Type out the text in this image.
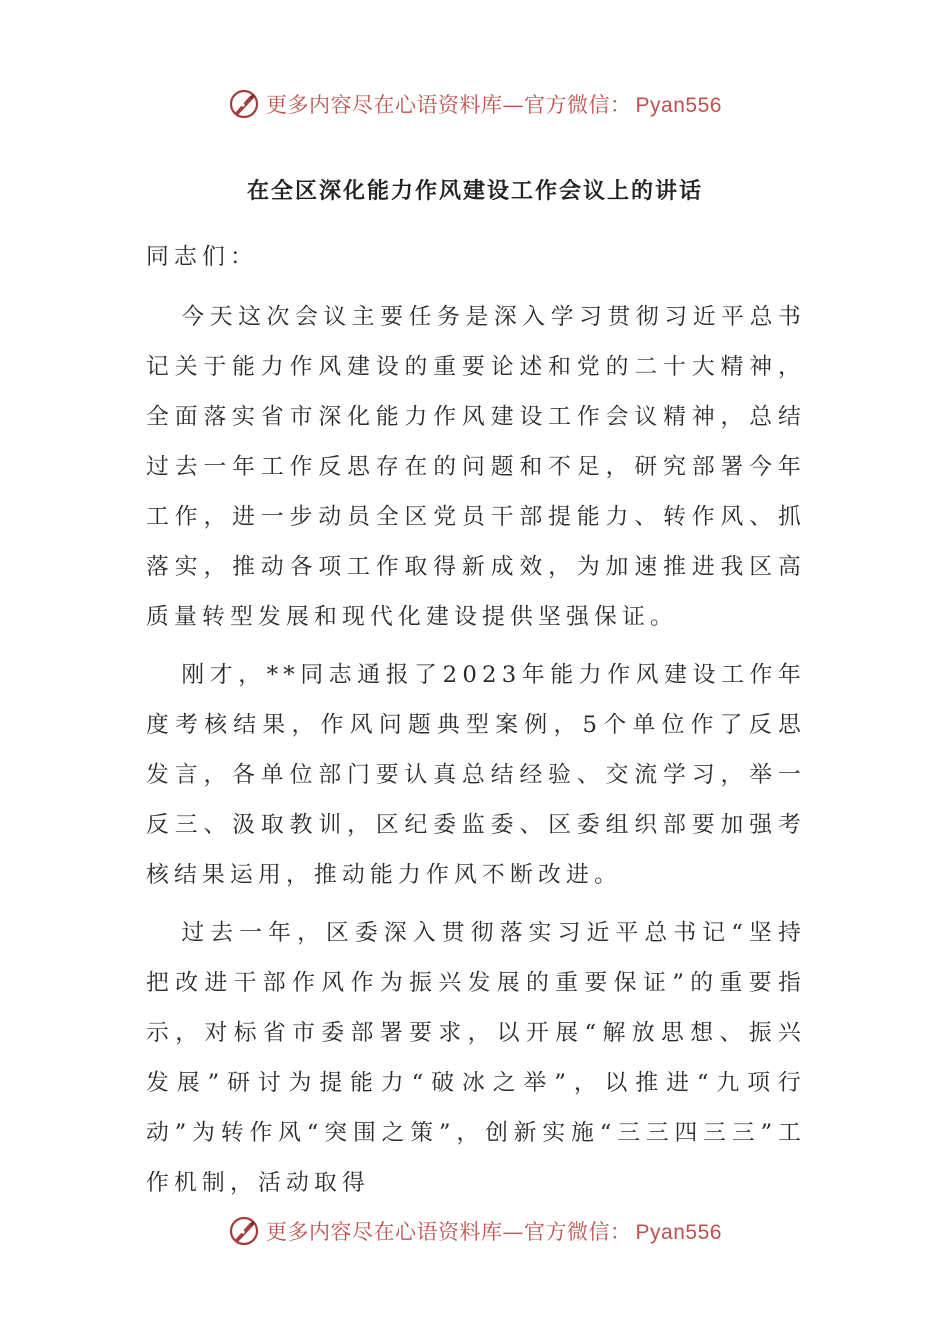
更多内容尽在心语资料库—官方微信： Pyan556
在全区深化能力作风建设工作会议上的讲话

同志们：

今天这次会议主要任务是深入学习贯彻习近平总书记关于能力作风建设的重要论述和党的二十大精神，全面落实省市深化能力作风建设工作会议精神，总结过去一年工作反思存在的问题和不足，研究部署今年工作，进一步动员全区党员干部提能力、转作风、抓落实，推动各项工作取得新成效，为加速推进我区高质量转型发展和现代化建设提供坚强保证。

刚才，**同志通报了2023年能力作风建设工作年度考核结果，作风问题典型案例，5个单位作了反思发言，各单位部门要认真总结经验、交流学习，举一反三、汲取教训，区纪委监委、区委组织部要加强考核结果运用，推动能力作风不断改进。

过去一年，区委深入贯彻落实习近平总书记“坚持把改进干部作风作为振兴发展的重要保证”的重要指示，对标省市委部署要求，以开展“解放思想、振兴发展”研讨为提能力“破冰之举”，以推进“九项行动”为转作风“突围之策”，创新实施“三三四三三”工作机制，活动取得

更多内容尽在心语资料库—官方微信： Pyan556
